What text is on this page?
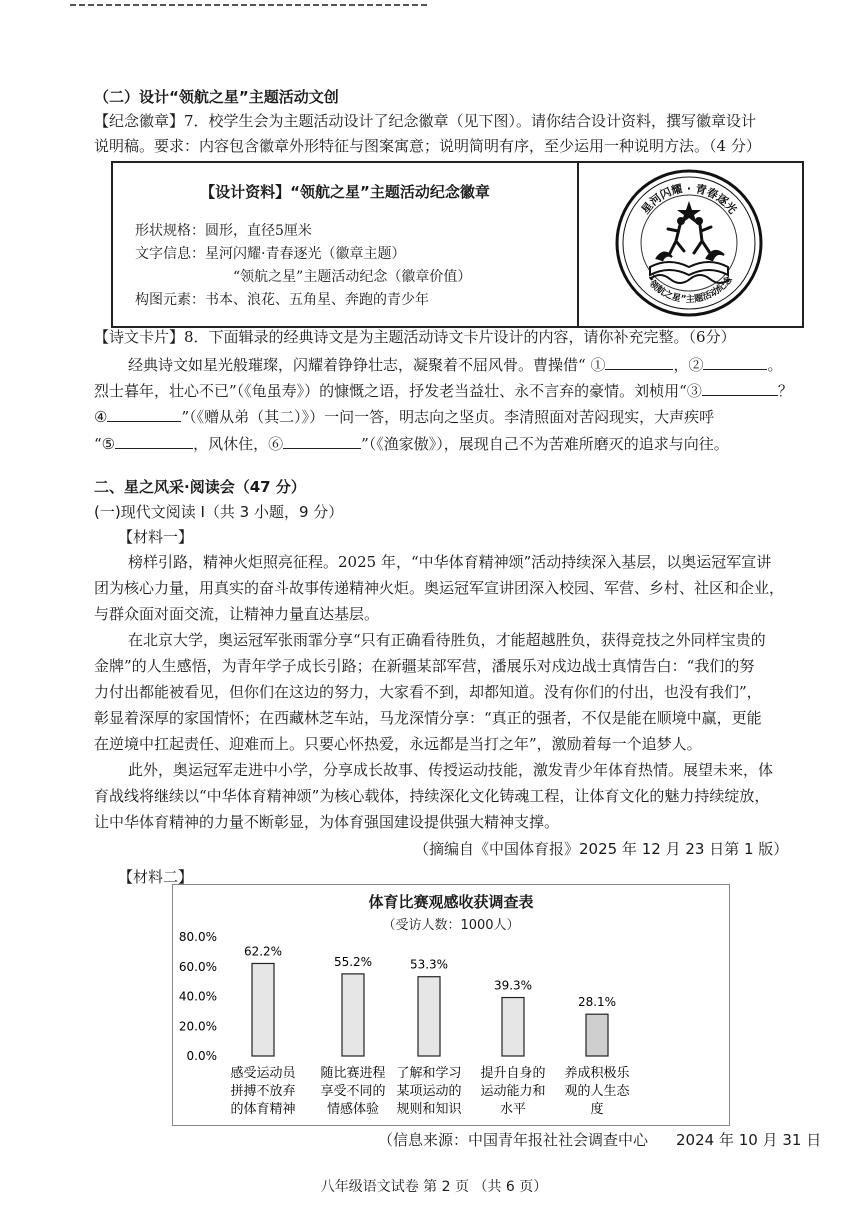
（二）设计“领航之星”主题活动文创
【纪念徽章】7．校学生会为主题活动设计了纪念徽章（见下图）。请你结合设计资料，撰写徽章设计
说明稿。要求：内容包含徽章外形特征与图案寓意；说明简明有序，至少运用一种说明方法。（4 分）
【设计资料】“领航之星”主题活动纪念徽章
形状规格：圆形，直径5厘米
文字信息：星河闪耀·青春逐光（徽章主题）
“领航之星”主题活动纪念（徽章价值）
构图元素：书本、浪花、五角星、奔跑的青少年
星河闪耀 · 青春逐光
“领航之星”主题活动纪念
【诗文卡片】8．下面辑录的经典诗文是为主题活动诗文卡片设计的内容，请你补充完整。（6分）
经典诗文如星光般璀璨，闪耀着铮铮壮志，凝聚着不屈风骨。曹操借“ ①	，②	。
烈士暮年，壮心不已”（《龟虽寿》）的慷慨之语，抒发老当益壮、永不言弃的豪情。刘桢用“③	？
④	”（《赠从弟（其二）》）一问一答，明志向之坚贞。李清照面对苦闷现实，大声疾呼
“⑤	，风休住，⑥	”（《渔家傲》），展现自己不为苦难所磨灭的追求与向往。
二、星之风采·阅读会（47 分）
(一)现代文阅读 I（共 3 小题，9 分）
【材料一】
榜样引路，精神火炬照亮征程。2025 年，“中华体育精神颂”活动持续深入基层，以奥运冠军宣讲
团为核心力量，用真实的奋斗故事传递精神火炬。奥运冠军宣讲团深入校园、军营、乡村、社区和企业，
与群众面对面交流，让精神力量直达基层。
在北京大学，奥运冠军张雨霏分享“只有正确看待胜负，才能超越胜负，获得竞技之外同样宝贵的
金牌”的人生感悟，为青年学子成长引路；在新疆某部军营，潘展乐对戍边战士真情告白：“我们的努
力付出都能被看见，但你们在这边的努力，大家看不到，却都知道。没有你们的付出，也没有我们”，
彰显着深厚的家国情怀；在西藏林芝车站，马龙深情分享：“真正的强者，不仅是能在顺境中赢，更能
在逆境中扛起责任、迎难而上。只要心怀热爱，永远都是当打之年”，激励着每一个追梦人。
此外，奥运冠军走进中小学，分享成长故事、传授运动技能，激发青少年体育热情。展望未来，体
育战线将继续以“中华体育精神颂”为核心载体，持续深化文化铸魂工程，让体育文化的魅力持续绽放，
让中华体育精神的力量不断彰显，为体育强国建设提供强大精神支撑。
（摘编自《中国体育报》2025 年 12 月 23 日第 1 版）
【材料二】
体育比赛观感收获调查表
（受访人数：1000人）
80.0%
60.0%
40.0%
20.0%
0.0%
62.2%
感受运动员
拼搏不放弃
的体育精神
55.2%
随比赛进程
享受不同的
情感体验
53.3%
了解和学习
某项运动的
规则和知识
39.3%
提升自身的
运动能力和
水平
28.1%
养成积极乐
观的人生态
度
（信息来源：中国青年报社社会调查中心	2024 年 10 月 31 日
八年级语文试卷 第 2 页 （共 6 页）
